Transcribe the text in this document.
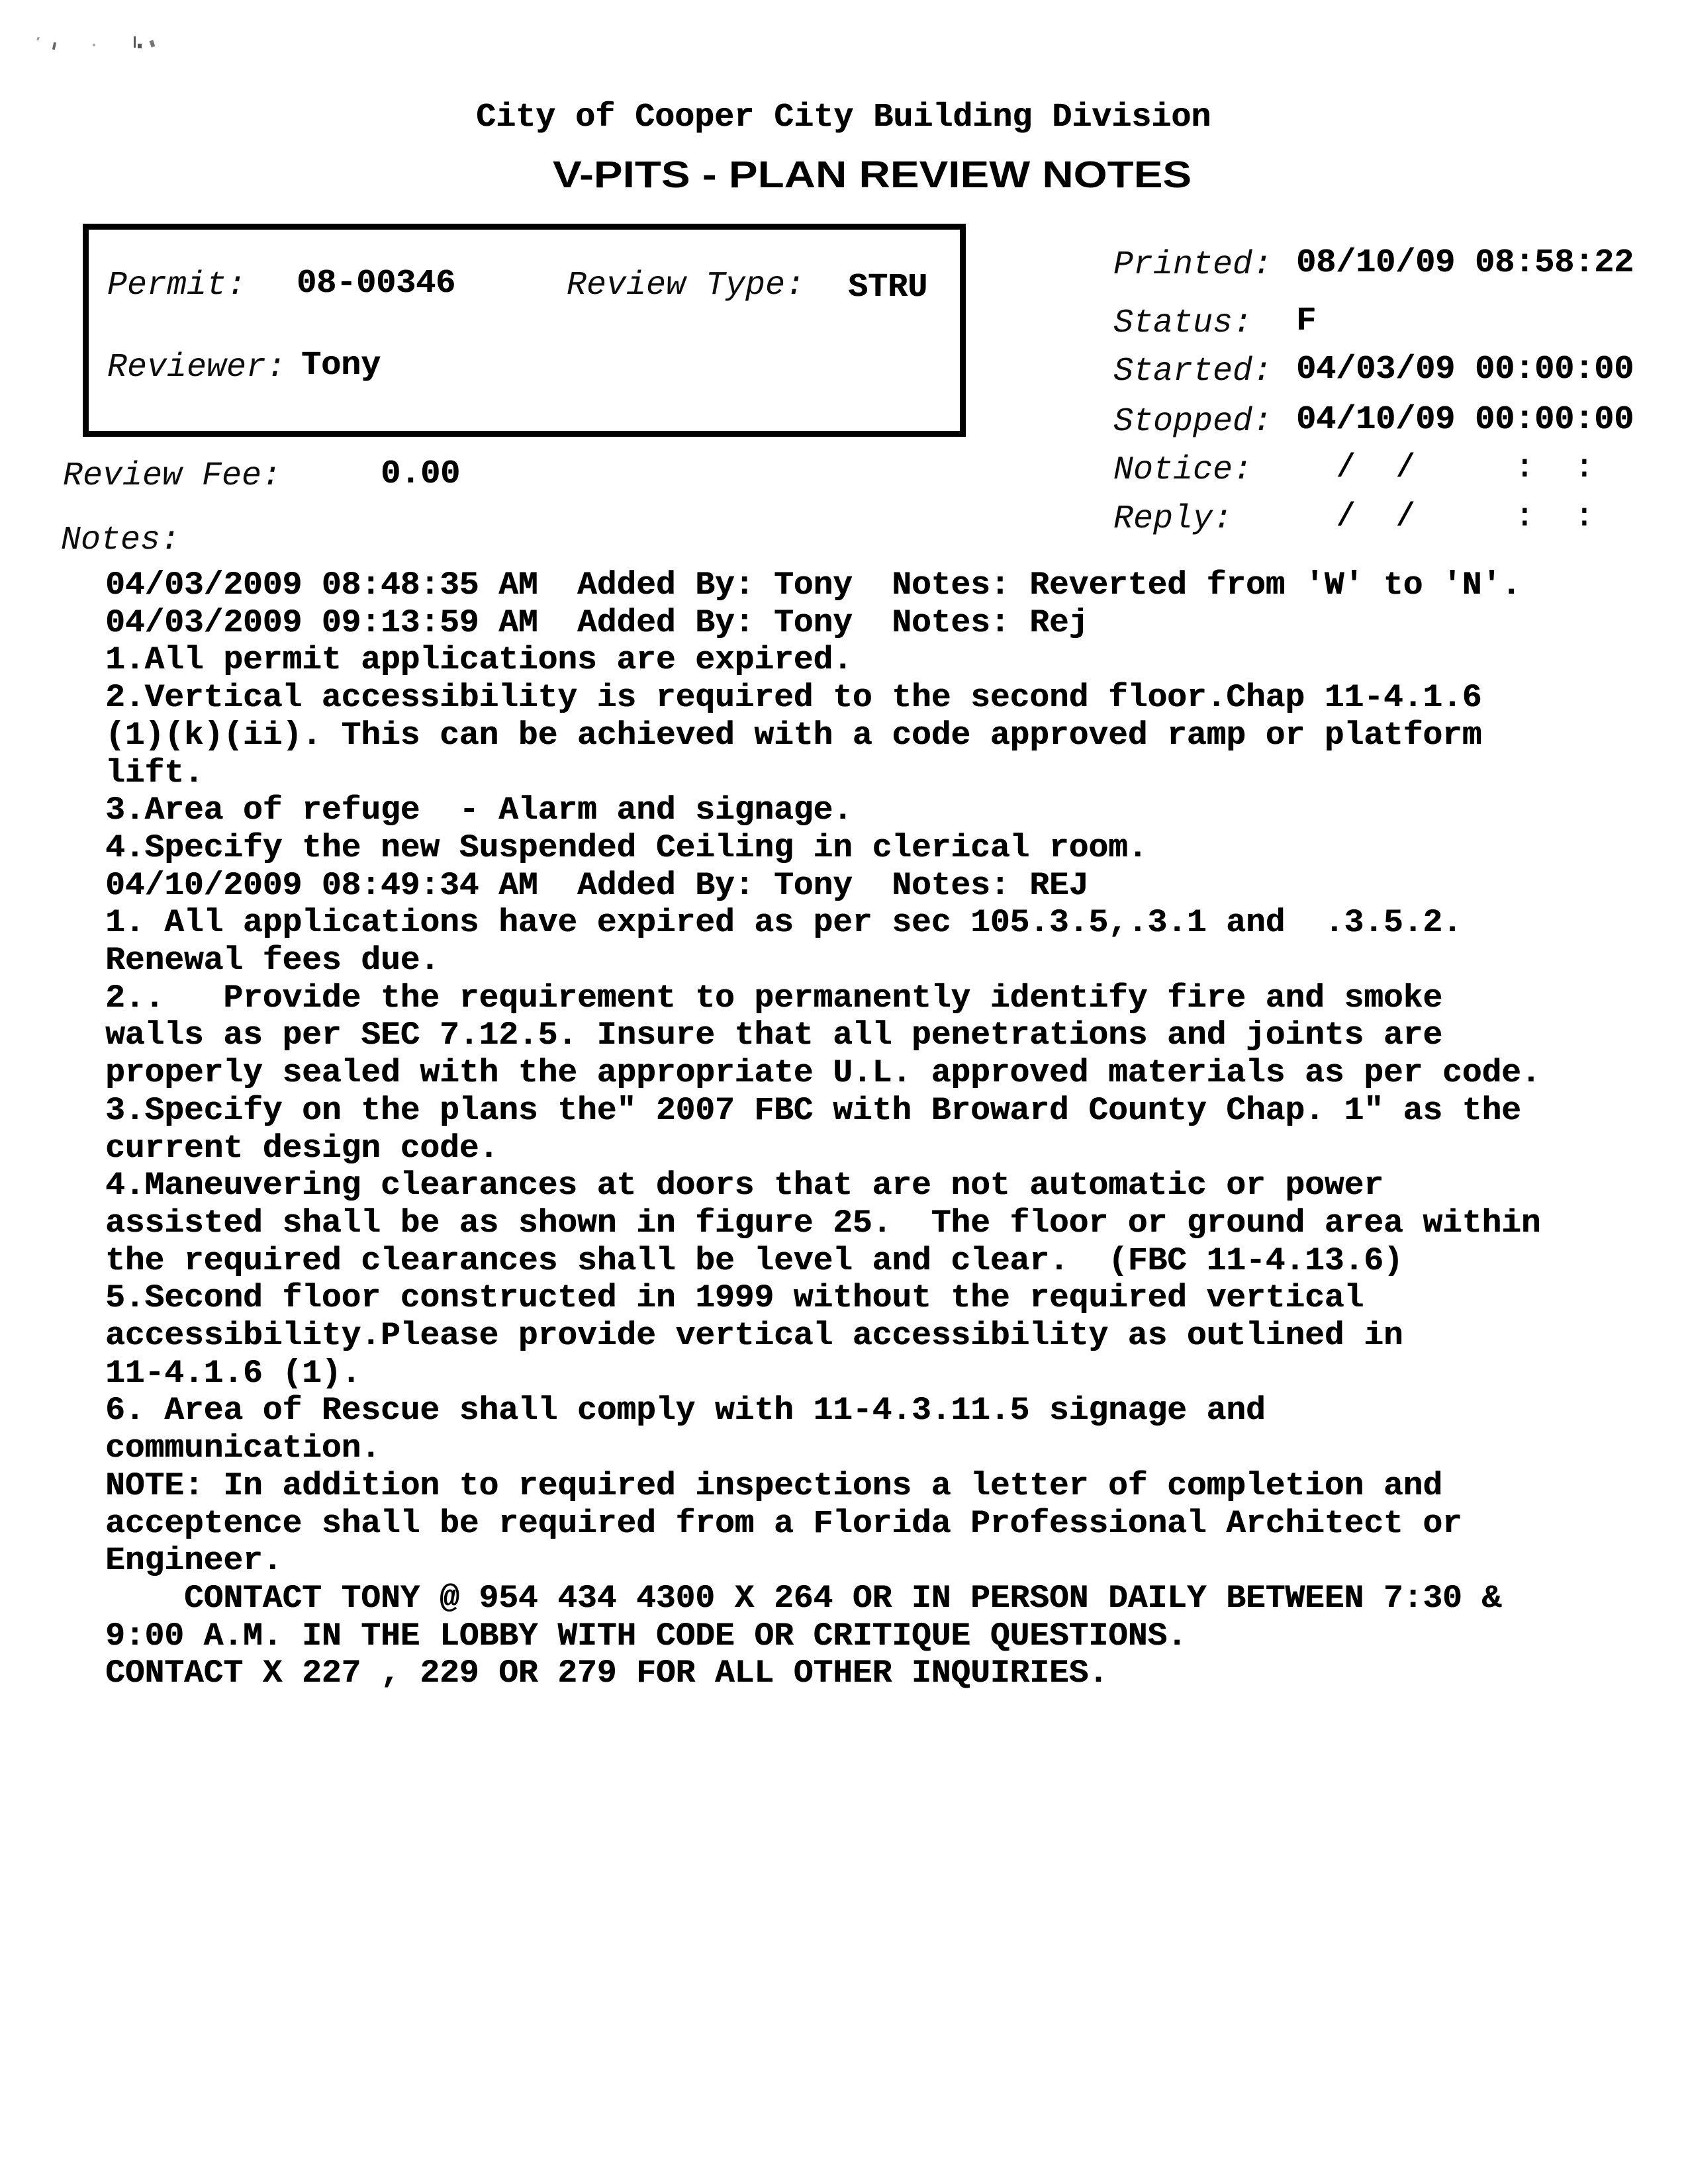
City of Cooper City Building Division
V-PITS - PLAN REVIEW NOTES
Permit: 08-00346	Review Type: STRU
Reviewer: Tony
Printed: 08/10/09 08:58:22
Status: F
Started: 04/03/09 00:00:00
Stopped: 04/10/09 00:00:00
Notice: /  /     :  :
Reply: /  /     :  :
Review Fee:	0.00
Notes:
04/03/2009 08:48:35 AM  Added By: Tony  Notes: Reverted from 'W' to 'N'.
04/03/2009 09:13:59 AM  Added By: Tony  Notes: Rej
1.All permit applications are expired.
2.Vertical accessibility is required to the second floor.Chap 11-4.1.6
(1)(k)(ii). This can be achieved with a code approved ramp or platform
lift.
3.Area of refuge  - Alarm and signage.
4.Specify the new Suspended Ceiling in clerical room.
04/10/2009 08:49:34 AM  Added By: Tony  Notes: REJ
1. All applications have expired as per sec 105.3.5,.3.1 and  .3.5.2.
Renewal fees due.
2..   Provide the requirement to permanently identify fire and smoke
walls as per SEC 7.12.5. Insure that all penetrations and joints are
properly sealed with the appropriate U.L. approved materials as per code.
3.Specify on the plans the" 2007 FBC with Broward County Chap. 1" as the
current design code.
4.Maneuvering clearances at doors that are not automatic or power
assisted shall be as shown in figure 25.  The floor or ground area within
the required clearances shall be level and clear.  (FBC 11-4.13.6)
5.Second floor constructed in 1999 without the required vertical
accessibility.Please provide vertical accessibility as outlined in
11-4.1.6 (1).
6. Area of Rescue shall comply with 11-4.3.11.5 signage and
communication.
NOTE: In addition to required inspections a letter of completion and
acceptence shall be required from a Florida Professional Architect or
Engineer.
CONTACT TONY @ 954 434 4300 X 264 OR IN PERSON DAILY BETWEEN 7:30 &
9:00 A.M. IN THE LOBBY WITH CODE OR CRITIQUE QUESTIONS.
CONTACT X 227 , 229 OR 279 FOR ALL OTHER INQUIRIES.
